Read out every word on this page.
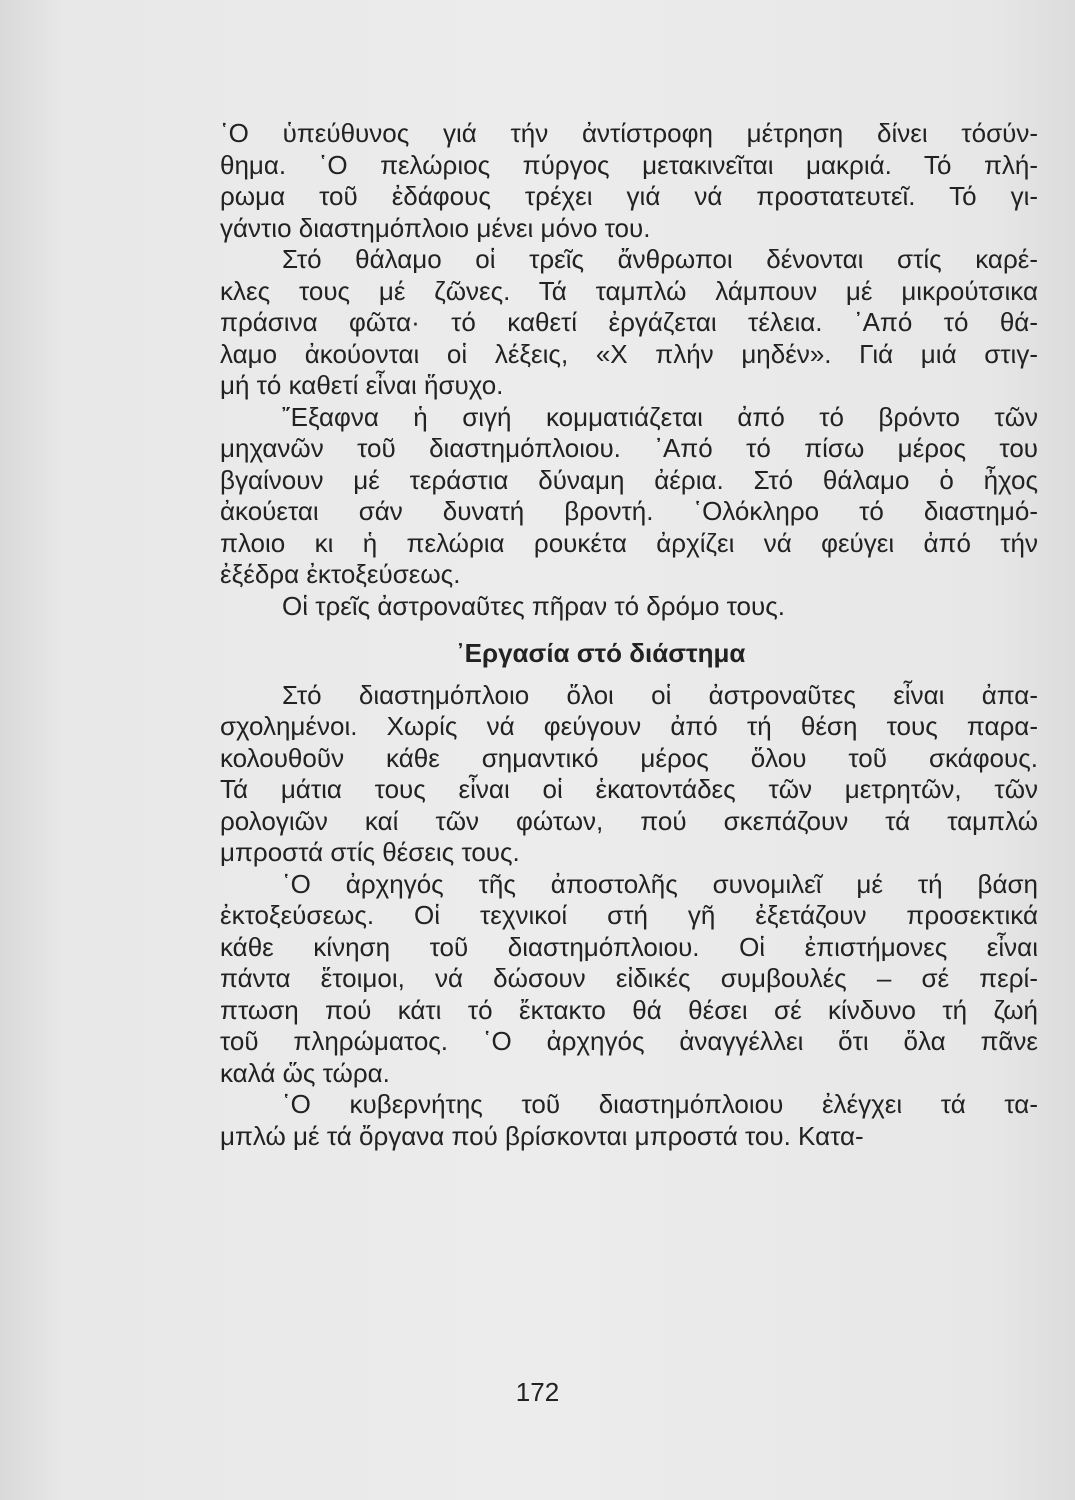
῾Ο ὑπεύθυνος γιά τήν ἀντίστροφη μέτρηση δίνει τόσύν-
θημα. ῾Ο πελώριος πύργος μετακινεῖται μακριά. Τό πλή-
ρωμα τοῦ ἐδάφους τρέχει γιά νά προστατευτεῖ. Τό γι-
γάντιο διαστημόπλοιο μένει μόνο του.
Στό θάλαμο οἱ τρεῖς ἄνθρωποι δένονται στίς καρέ-
κλες τους μέ ζῶνες. Τά ταμπλώ λάμπουν μέ μικρούτσικα
πράσινα φῶτα· τό καθετί ἐργάζεται τέλεια. ᾿Από τό θά-
λαμο ἀκούονται οἱ λέξεις, «Χ πλήν μηδέν». Γιά μιά στιγ-
μή τό καθετί εἶναι ἥσυχο.
῎Εξαφνα ἡ σιγή κομματιάζεται ἀπό τό βρόντο τῶν
μηχανῶν τοῦ διαστημόπλοιου. ᾿Από τό πίσω μέρος του
βγαίνουν μέ τεράστια δύναμη ἀέρια. Στό θάλαμο ὁ ἦχος
ἀκούεται σάν δυνατή βροντή. ῾Ολόκληρο τό διαστημό-
πλοιο κι ἡ πελώρια ρουκέτα ἀρχίζει νά φεύγει ἀπό τήν
ἐξέδρα ἐκτοξεύσεως.
Οἱ τρεῖς ἀστροναῦτες πῆραν τό δρόμο τους.
᾿Εργασία στό διάστημα
Στό διαστημόπλοιο ὅλοι οἱ ἀστροναῦτες εἶναι ἀπα-
σχολημένοι. Χωρίς νά φεύγουν ἀπό τή θέση τους παρα-
κολουθοῦν κάθε σημαντικό μέρος ὅλου τοῦ σκάφους.
Τά μάτια τους εἶναι οἱ ἑκατοντάδες τῶν μετρητῶν, τῶν
ρολογιῶν καί τῶν φώτων, πού σκεπάζουν τά ταμπλώ
μπροστά στίς θέσεις τους.
῾Ο ἀρχηγός τῆς ἀποστολῆς συνομιλεῖ μέ τή βάση
ἐκτοξεύσεως. Οἱ τεχνικοί στή γῆ ἐξετάζουν προσεκτικά
κάθε κίνηση τοῦ διαστημόπλοιου. Οἱ ἐπιστήμονες εἶναι
πάντα ἕτοιμοι, νά δώσουν εἰδικές συμβουλές – σέ περί-
πτωση πού κάτι τό ἔκτακτο θά θέσει σέ κίνδυνο τή ζωή
τοῦ πληρώματος. ῾Ο ἀρχηγός ἀναγγέλλει ὅτι ὅλα πᾶνε
καλά ὥς τώρα.
῾Ο κυβερνήτης τοῦ διαστημόπλοιου ἐλέγχει τά τα-
μπλώ μέ τά ὄργανα πού βρίσκονται μπροστά του. Κατα-
172
